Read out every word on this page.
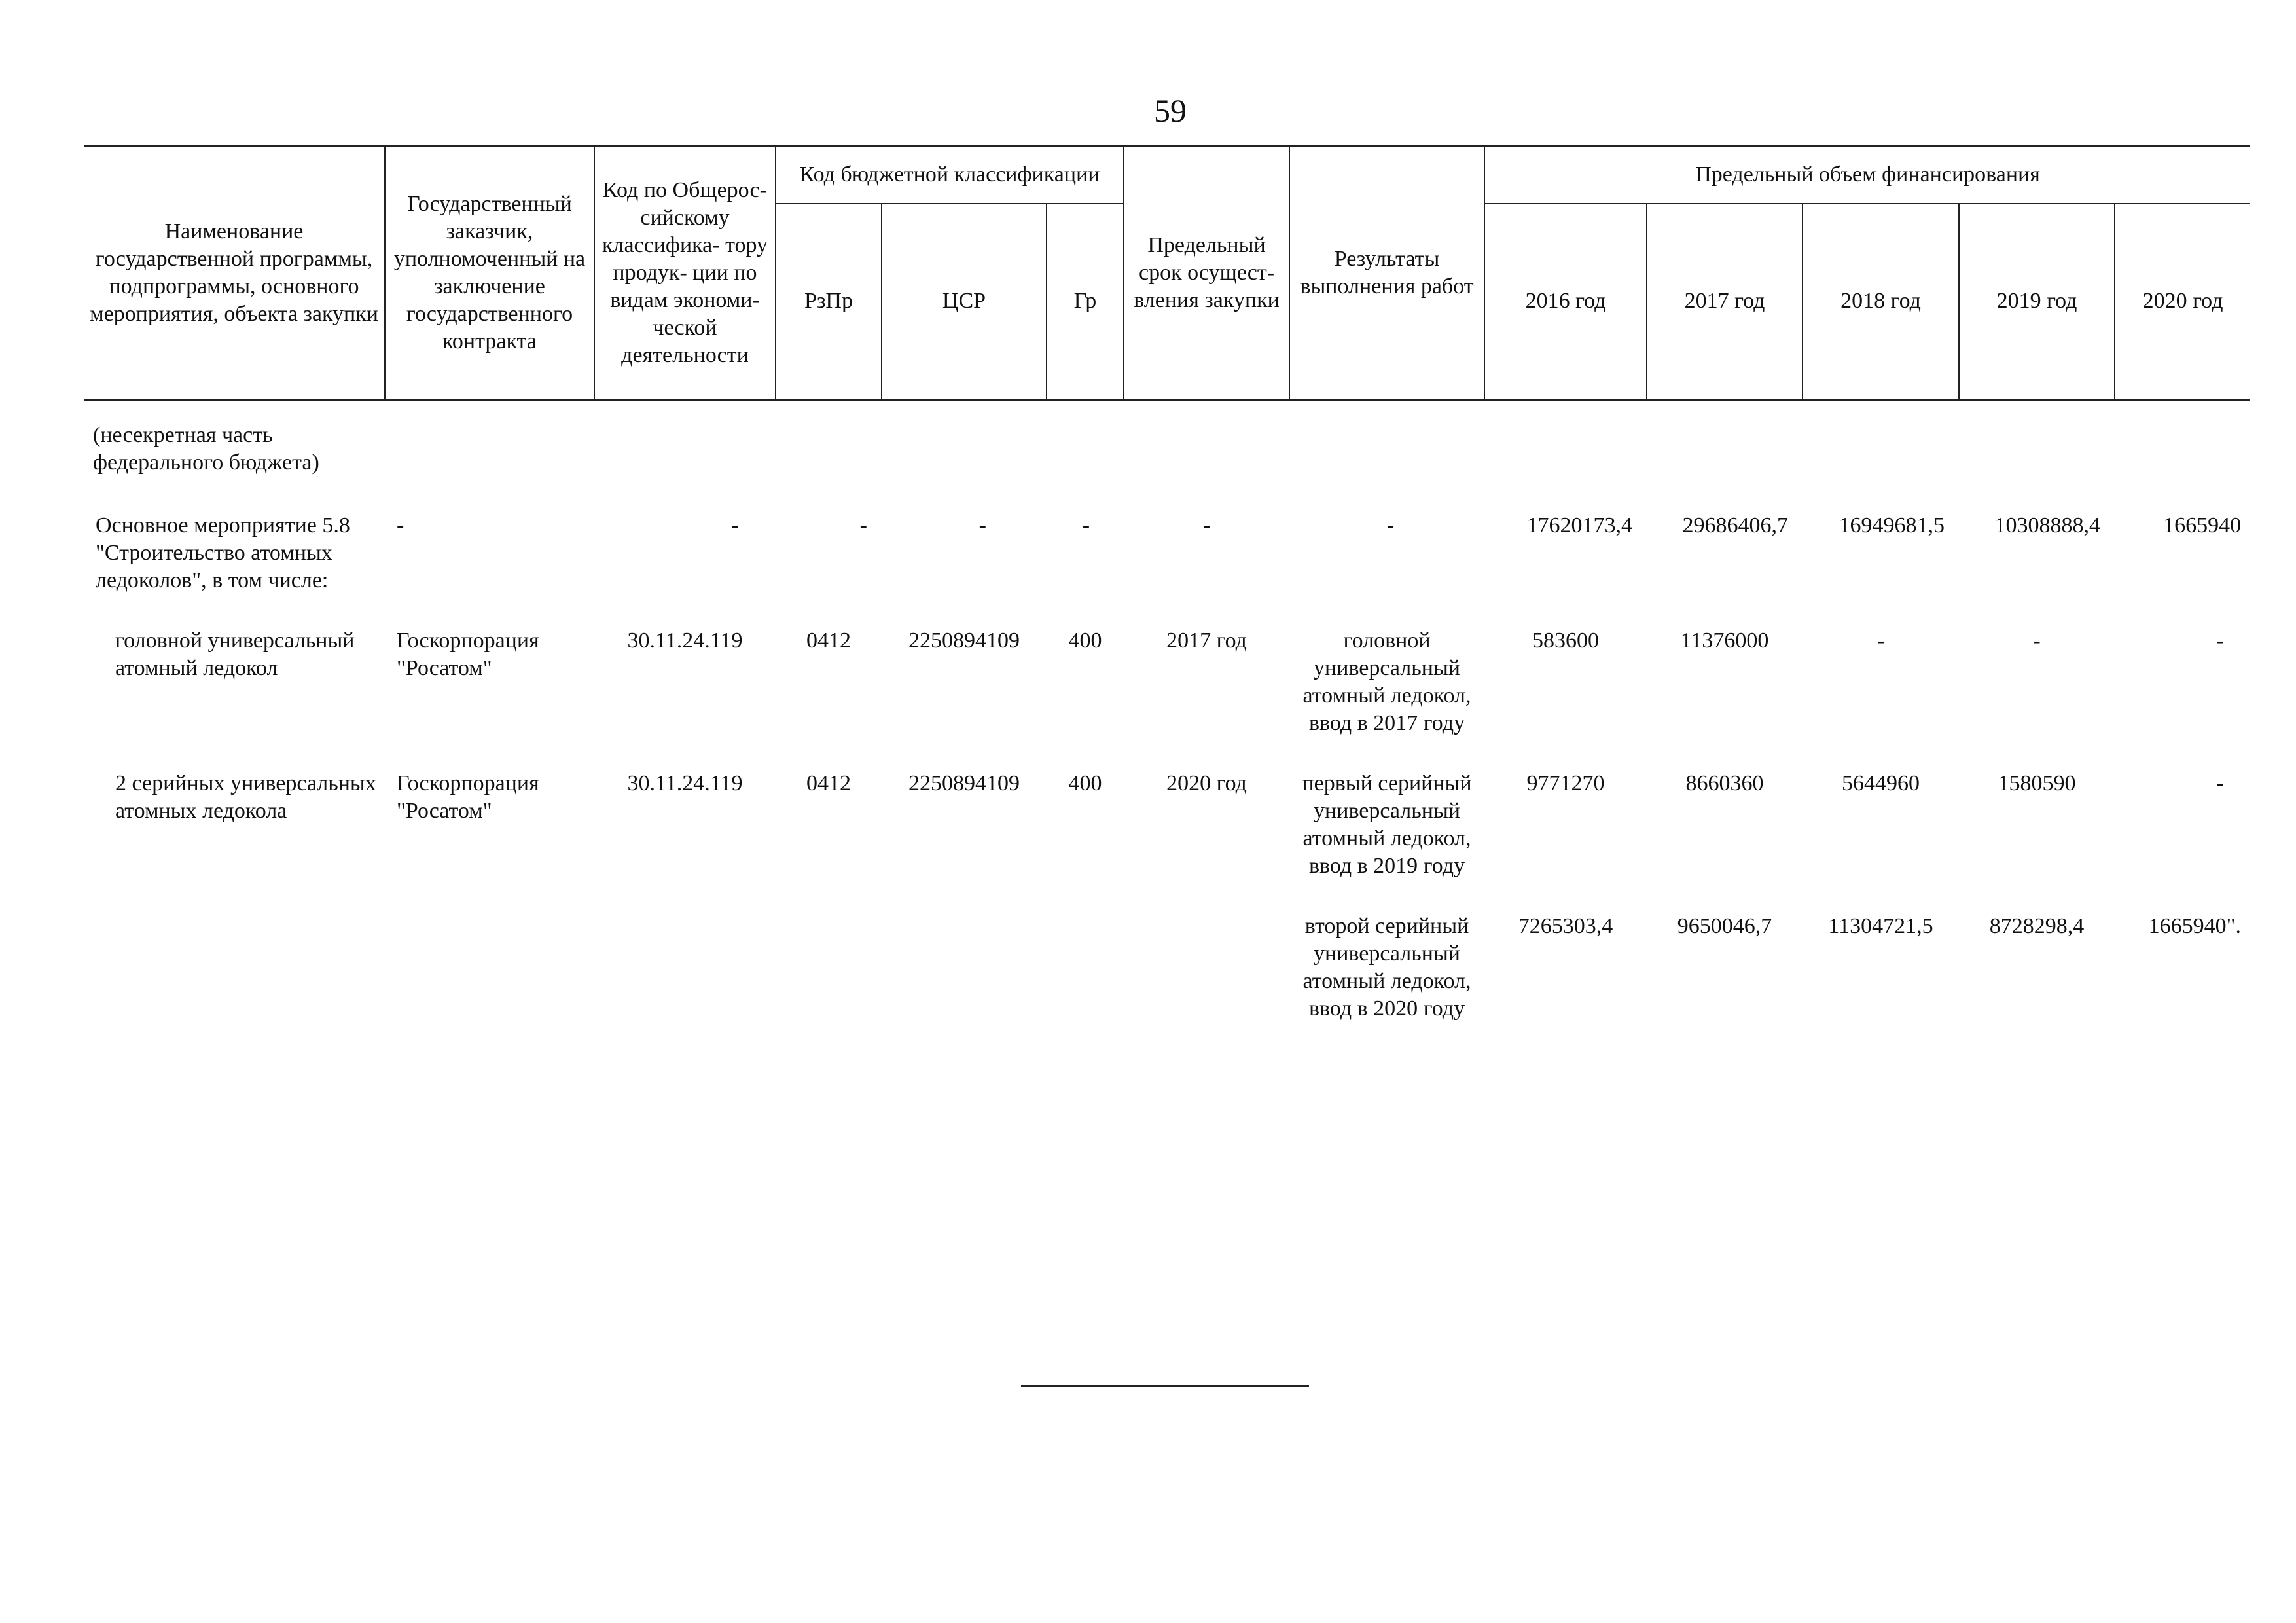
59
Наименование государственной программы, подпрограммы, основного мероприятия, объекта закупки	Государственный заказчик, уполномоченный на заключение государственного контракта	Код по Общерос- сийскому классифика- тору продук- ции по видам экономи- ческой деятельности	Код бюджетной классификации			Предельный срок осущест- вления закупки	Результаты выполнения работ	Предельный объем финансирования				
			РзПр	ЦСР	Гр			2016 год	2017 год	2018 год	2019 год	2020 год
(несекретная часть федерального бюджета)												
Основное мероприятие 5.8 "Строительство атомных ледоколов", в том числе:	-	-	-	-	-	-	-	17620173,4	29686406,7	16949681,5	10308888,4	1665940
головной универсальный атомный ледокол	Госкорпорация "Росатом"	30.11.24.119	0412	2250894109	400	2017 год	головной универсальный атомный ледокол, ввод в 2017 году	583600	11376000	-	-	-
2 серийных универсальных атомных ледокола	Госкорпорация "Росатом"	30.11.24.119	0412	2250894109	400	2020 год	первый серийный универсальный атомный ледокол, ввод в 2019 году	9771270	8660360	5644960	1580590	-
							второй серийный универсальный атомный ледокол, ввод в 2020 году	7265303,4	9650046,7	11304721,5	8728298,4	1665940".
